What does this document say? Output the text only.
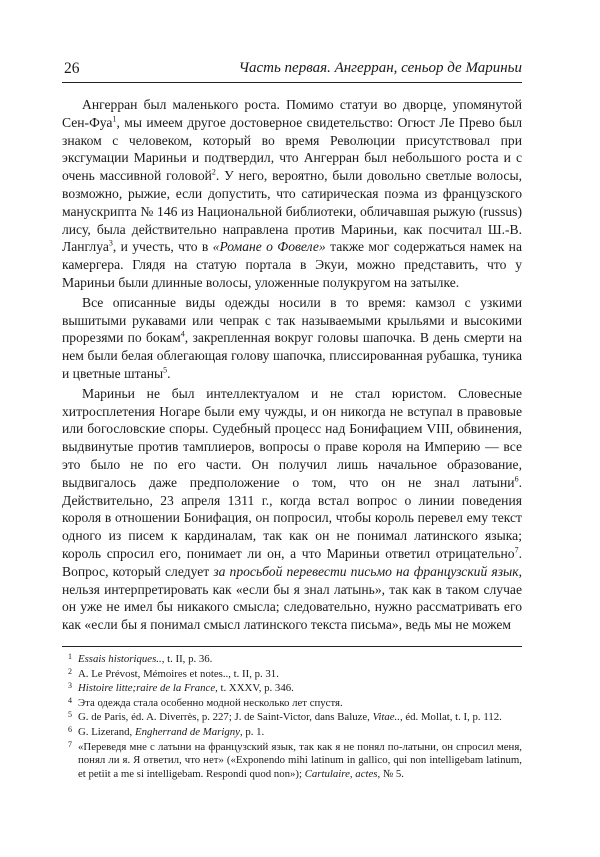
26	Часть первая. Ангерран, сеньор де Мариньи

Ангерран был маленького роста. Помимо статуи во дворце, упомянутой Сен-Фуа$^1$, мы имеем другое достоверное свидетельство: Огюст Ле Прево был знаком с человеком, который во время Революции присутствовал при эксгумации Мариньи и подтвердил, что Ангерран был небольшого роста и с очень массивной головой$^2$. У него, вероятно, были довольно светлые волосы, возможно, рыжие, если допустить, что сатирическая поэма из французского манускрипта № 146 из Национальной библиотеки, обличавшая рыжую (russus) лису, была действительно направлена против Мариньи, как посчитал Ш.-В. Ланглуа$^3$, и учесть, что в «Романе о Фовеле» также мог содержаться намек на камергера. Глядя на статую портала в Экуи, можно представить, что у Мариньи были длинные волосы, уложенные полукругом на затылке.

Все описанные виды одежды носили в то время: камзол с узкими вышитыми рукавами или чепрак с так называемыми крыльями и высокими прорезями по бокам$^4$, закрепленная вокруг головы шапочка. В день смерти на нем были белая облегающая голову шапочка, плиссированная рубашка, туника и цветные штаны$^5$.

Мариньи не был интеллектуалом и не стал юристом. Словесные хитросплетения Ногаре были ему чужды, и он никогда не вступал в правовые или богословские споры. Судебный процесс над Бонифацием VIII, обвинения, выдвинутые против тамплиеров, вопросы о праве короля на Империю — все это было не по его части. Он получил лишь начальное образование, выдвигалось даже предположение о том, что он не знал латыни$^6$. Действительно, 23 апреля 1311 г., когда встал вопрос о линии поведения короля в отношении Бонифация, он попросил, чтобы король перевел ему текст одного из писем к кардиналам, так как он не понимал латинского языка; король спросил его, понимает ли он, а что Мариньи ответил отрицательно$^7$. Вопрос, который следует за просьбой перевести письмо на французский язык, нельзя интерпретировать как «если бы я знал латынь», так как в таком случае он уже не имел бы никакого смысла; следовательно, нужно рассматривать его как «если бы я понимал смысл латинского текста письма», ведь мы не можем

1 Essais historiques.., t. II, p. 36.
2 A. Le Prévost, Mémoires et notes.., t. II, p. 31.
3 Histoire litte;raire de la France, t. XXXV, p. 346.
4 Эта одежда стала особенно модной несколько лет спустя.
5 G. de Paris, éd. A. Diverrès, p. 227; J. de Saint-Victor, dans Baluze, Vitae.., éd. Mollat, t. I, p. 112.
6 G. Lizerand, Engherrand de Marigny, p. 1.
7 «Переведя мне с латыни на французский язык, так как я не понял по-латыни, он спросил меня, понял ли я. Я ответил, что нет» («Exponendo mihi latinum in gallico, qui non intelligebam latinum, et petiit a me si intelligebam. Respondi quod non»); Cartulaire, actes, № 5.
